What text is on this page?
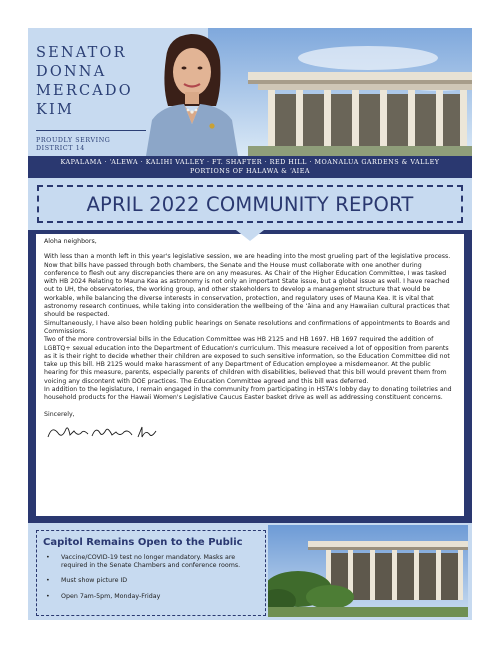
SENATOR
DONNA
MERCADO
KIM
PROUDLY SERVING
DISTRICT 14
KAPALAMA · ʻALEWA · KALIHI VALLEY · FT. SHAFTER · RED HILL · MOANALUA GARDENS & VALLEY
PORTIONS OF HALAWA & ʻAIEA
APRIL 2022 COMMUNITY REPORT

Aloha neighbors,

With less than a month left in this year's legislative session, we are heading into the most grueling part of the legislative process. Now that bills have passed through both chambers, the Senate and the House must collaborate with one another during conference to flesh out any discrepancies there are on any measures. As Chair of the Higher Education Committee, I was tasked with HB 2024 Relating to Mauna Kea as astronomy is not only an important State issue, but a global issue as well. I have reached out to UH, the observatories, the working group, and other stakeholders to develop a management structure that would be workable, while balancing the diverse interests in conservation, protection, and regulatory uses of Mauna Kea. It is vital that astronomy research continues, while taking into consideration the wellbeing of the ʻāina and any Hawaiian cultural practices that should be respected.

Simultaneously, I have also been holding public hearings on Senate resolutions and confirmations of appointments to Boards and Commissions.

Two of the more controversial bills in the Education Committee was HB 2125 and HB 1697. HB 1697 required the addition of LGBTQ+ sexual education into the Department of Education's curriculum. This measure received a lot of opposition from parents as it is their right to decide whether their children are exposed to such sensitive information, so the Education Committee did not take up this bill. HB 2125 would make harassment of any Department of Education employee a misdemeanor. At the public hearing for this measure, parents, especially parents of children with disabilities, believed that this bill would prevent them from voicing any discontent with DOE practices. The Education Committee agreed and this bill was deferred.

In addition to the legislature, I remain engaged in the community from participating in HSTA's lobby day to donating toiletries and household products for the Hawaii Women's Legislative Caucus Easter basket drive as well as addressing constituent concerns.

Sincerely,

Capitol Remains Open to the Public
• Vaccine/COVID-19 test no longer mandatory. Masks are required in the Senate Chambers and conference rooms.
• Must show picture ID
• Open 7am-5pm, Monday-Friday
